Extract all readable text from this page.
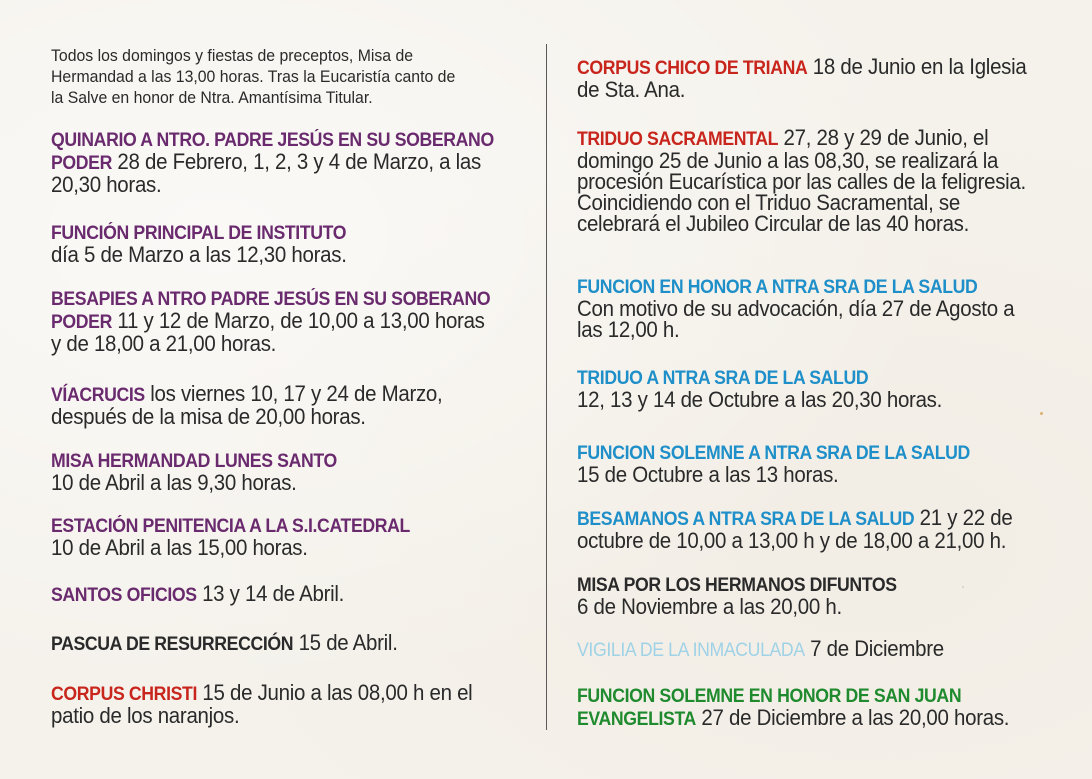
Todos los domingos y fiestas de preceptos, Misa de
Hermandad a las 13,00 horas. Tras la Eucaristía canto de
la Salve en honor de Ntra. Amantísima Titular.
QUINARIO A NTRO. PADRE JESÚS EN SU SOBERANO
PODER 28 de Febrero, 1, 2, 3 y 4 de Marzo, a las
20,30 horas.
FUNCIÓN PRINCIPAL DE INSTITUTO
día 5 de Marzo a las 12,30 horas.
BESAPIES A NTRO PADRE JESÚS EN SU SOBERANO
PODER 11 y 12 de Marzo, de 10,00 a 13,00 horas
y de 18,00 a 21,00 horas.
VÍACRUCIS los viernes 10, 17 y 24 de Marzo,
después de la misa de 20,00 horas.
MISA HERMANDAD LUNES SANTO
10 de Abril a las 9,30 horas.
ESTACIÓN PENITENCIA A LA S.I.CATEDRAL
10 de Abril a las 15,00 horas.
SANTOS OFICIOS 13 y 14 de Abril.
PASCUA DE RESURRECCIÓN 15 de Abril.
CORPUS CHRISTI 15 de Junio a las 08,00 h en el
patio de los naranjos.
CORPUS CHICO DE TRIANA 18 de Junio en la Iglesia
de Sta. Ana.
TRIDUO SACRAMENTAL 27, 28 y 29 de Junio, el
domingo 25 de Junio a las 08,30, se realizará la
procesión Eucarística por las calles de la feligresia.
Coincidiendo con el Triduo Sacramental, se
celebrará el Jubileo Circular de las 40 horas.
FUNCION EN HONOR A NTRA SRA DE LA SALUD
Con motivo de su advocación, día 27 de Agosto a
las 12,00 h.
TRIDUO A NTRA SRA DE LA SALUD
12, 13 y 14 de Octubre a las 20,30 horas.
FUNCION SOLEMNE A NTRA SRA DE LA SALUD
15 de Octubre a las 13 horas.
BESAMANOS A NTRA SRA DE LA SALUD 21 y 22 de
octubre de 10,00 a 13,00 h y de 18,00 a 21,00 h.
MISA POR LOS HERMANOS DIFUNTOS
6 de Noviembre a las 20,00 h.
VIGILIA DE LA INMACULADA 7 de Diciembre
FUNCION SOLEMNE EN HONOR DE SAN JUAN
EVANGELISTA 27 de Diciembre a las 20,00 horas.
